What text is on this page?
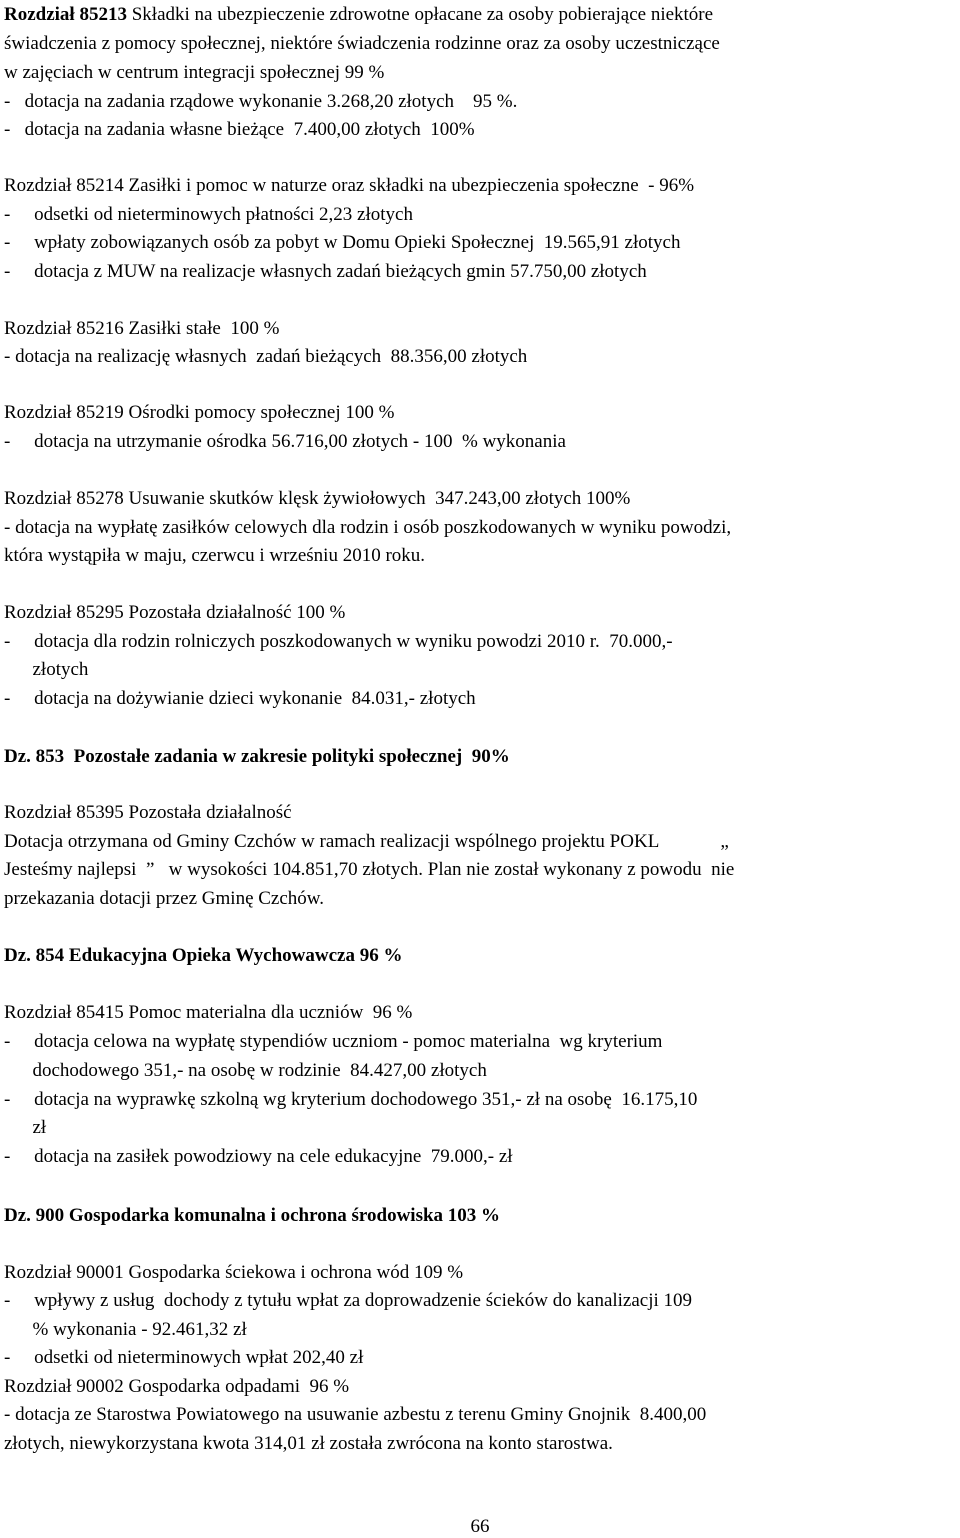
Rozdział 85213 Składki na ubezpieczenie zdrowotne opłacane za osoby pobierające niektóre
świadczenia z pomocy społecznej, niektóre świadczenia rodzinne oraz za osoby uczestniczące
w zajęciach w centrum integracji społecznej 99 %
-   dotacja na zadania rządowe wykonanie 3.268,20 złotych    95 %.
-   dotacja na zadania własne bieżące  7.400,00 złotych  100%
Rozdział 85214 Zasiłki i pomoc w naturze oraz składki na ubezpieczenia społeczne  - 96%
-     odsetki od nieterminowych płatności 2,23 złotych
-     wpłaty zobowiązanych osób za pobyt w Domu Opieki Społecznej  19.565,91 złotych
-     dotacja z MUW na realizacje własnych zadań bieżących gmin 57.750,00 złotych
Rozdział 85216 Zasiłki stałe  100 %
- dotacja na realizację własnych  zadań bieżących  88.356,00 złotych
Rozdział 85219 Ośrodki pomocy społecznej 100 %
-     dotacja na utrzymanie ośrodka 56.716,00 złotych - 100  % wykonania
Rozdział 85278 Usuwanie skutków klęsk żywiołowych  347.243,00 złotych 100%
- dotacja na wypłatę zasiłków celowych dla rodzin i osób poszkodowanych w wyniku powodzi,
która wystąpiła w maju, czerwcu i wrześniu 2010 roku.
Rozdział 85295 Pozostała działalność 100 %
-     dotacja dla rodzin rolniczych poszkodowanych w wyniku powodzi 2010 r.  70.000,-
złotych
-     dotacja na dożywianie dzieci wykonanie  84.031,- złotych
Dz. 853  Pozostałe zadania w zakresie polityki społecznej  90%
Rozdział 85395 Pozostała działalność
Dotacja otrzymana od Gminy Czchów w ramach realizacji wspólnego projektu POKL             „
Jesteśmy najlepsi  ”   w wysokości 104.851,70 złotych. Plan nie został wykonany z powodu  nie
przekazania dotacji przez Gminę Czchów.
Dz. 854 Edukacyjna Opieka Wychowawcza 96 %
Rozdział 85415 Pomoc materialna dla uczniów  96 %
-     dotacja celowa na wypłatę stypendiów uczniom - pomoc materialna  wg kryterium
dochodowego 351,- na osobę w rodzinie  84.427,00 złotych
-     dotacja na wyprawkę szkolną wg kryterium dochodowego 351,- zł na osobę  16.175,10
zł
-     dotacja na zasiłek powodziowy na cele edukacyjne  79.000,- zł
Dz. 900 Gospodarka komunalna i ochrona środowiska 103 %
Rozdział 90001 Gospodarka ściekowa i ochrona wód 109 %
-     wpływy z usług  dochody z tytułu wpłat za doprowadzenie ścieków do kanalizacji 109
% wykonania - 92.461,32 zł
-     odsetki od nieterminowych wpłat 202,40 zł
Rozdział 90002 Gospodarka odpadami  96 %
- dotacja ze Starostwa Powiatowego na usuwanie azbestu z terenu Gminy Gnojnik  8.400,00
złotych, niewykorzystana kwota 314,01 zł została zwrócona na konto starostwa.
66
